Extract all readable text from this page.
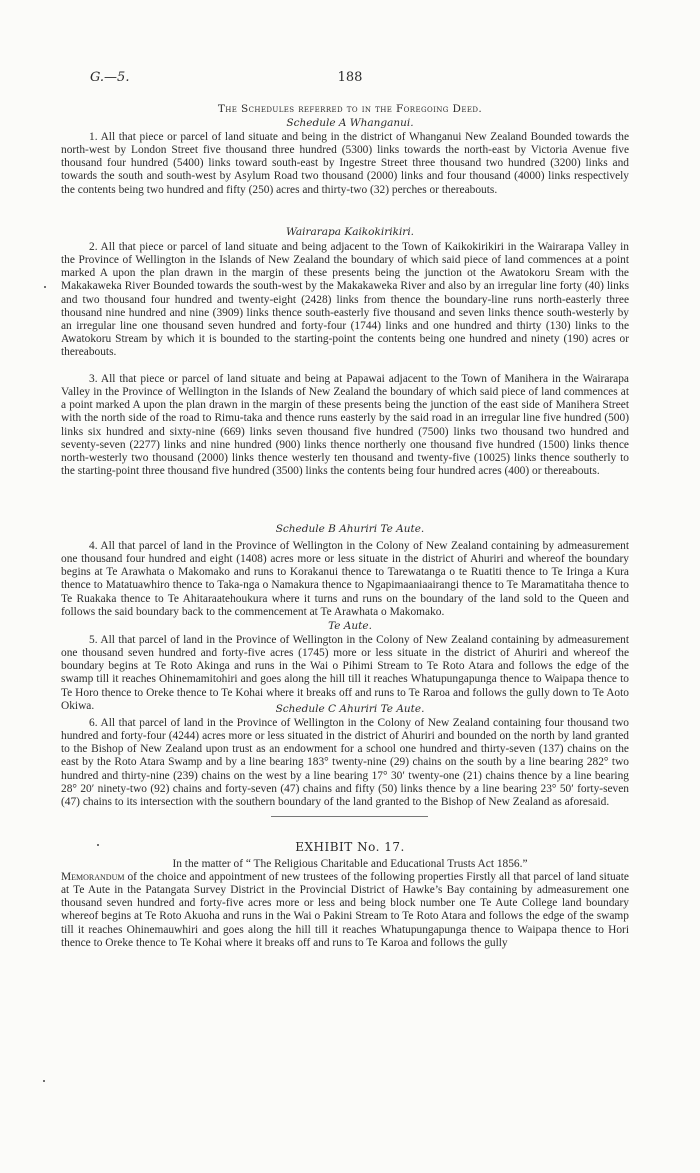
G.—5.	188
The Schedules referred to in the Foregoing Deed.
Schedule A Whanganui.
1. All that piece or parcel of land situate and being in the district of Whanganui New Zealand Bounded towards the north-west by London Street five thousand three hundred (5300) links towards the north-east by Victoria Avenue five thousand four hundred (5400) links toward south-east by Ingestre Street three thousand two hundred (3200) links and towards the south and south-west by Asylum Road two thousand (2000) links and four thousand (4000) links respectively the contents being two hundred and fifty (250) acres and thirty-two (32) perches or thereabouts.
Wairarapa Kaikokirikiri.
2. All that piece or parcel of land situate and being adjacent to the Town of Kaikokirikiri in the Wairarapa Valley in the Province of Wellington in the Islands of New Zealand the boundary of which said piece of land commences at a point marked A upon the plan drawn in the margin of these presents being the junction ot the Awatokoru Sream with the Makakaweka River Bounded towards the south-west by the Makakaweka River and also by an irregular line forty (40) links and two thousand four hundred and twenty-eight (2428) links from thence the boundary-line runs north-easterly three thousand nine hundred and nine (3909) links thence south-easterly five thousand and seven links thence south-westerly by an irregular line one thousand seven hundred and forty-four (1744) links and one hundred and thirty (130) links to the Awatokoru Stream by which it is bounded to the starting-point the contents being one hundred and ninety (190) acres or thereabouts.
3. All that piece or parcel of land situate and being at Papawai adjacent to the Town of Manihera in the Wairarapa Valley in the Province of Wellington in the Islands of New Zealand the boundary of which said piece of land commences at a point marked A upon the plan drawn in the margin of these presents being the junction of the east side of Manihera Street with the north side of the road to Rimu-taka and thence runs easterly by the said road in an irregular line five hundred (500) links six hundred and sixty-nine (669) links seven thousand five hundred (7500) links two thousand two hundred and seventy-seven (2277) links and nine hundred (900) links thence northerly one thousand five hundred (1500) links thence north-westerly two thousand (2000) links thence westerly ten thousand and twenty-five (10025) links thence southerly to the starting-point three thousand five hundred (3500) links the contents being four hundred acres (400) or thereabouts.
Schedule B Ahuriri Te Aute.
4. All that parcel of land in the Province of Wellington in the Colony of New Zealand containing by admeasurement one thousand four hundred and eight (1408) acres more or less situate in the district of Ahuriri and whereof the boundary begins at Te Arawhata o Makomako and runs to Korakanui thence to Tarewatanga o te Ruatiti thence to Te Iringa a Kura thence to Matatuawhiro thence to Taka-nga o Namakura thence to Ngapimaaniaairangi thence to Te Maramatitaha thence to Te Ruakaka thence to Te Ahitaraatehoukura where it turns and runs on the boundary of the land sold to the Queen and follows the said boundary back to the commencement at Te Arawhata o Makomako.
Te Aute.
5. All that parcel of land in the Province of Wellington in the Colony of New Zealand containing by admeasurement one thousand seven hundred and forty-five acres (1745) more or less situate in the district of Ahuriri and whereof the boundary begins at Te Roto Akinga and runs in the Wai o Pihimi Stream to Te Roto Atara and follows the edge of the swamp till it reaches Ohinemamitohiri and goes along the hill till it reaches Whatupungapunga thence to Waipapa thence to Te Horo thence to Oreke thence to Te Kohai where it breaks off and runs to Te Raroa and follows the gully down to Te Aoto Okiwa.	Schedule C Ahuriri Te Aute.
6. All that parcel of land in the Province of Wellington in the Colony of New Zealand containing four thousand two hundred and forty-four (4244) acres more or less situated in the district of Ahuriri and bounded on the north by land granted to the Bishop of New Zealand upon trust as an endowment for a school one hundred and thirty-seven (137) chains on the east by the Roto Atara Swamp and by a line bearing 183° twenty-nine (29) chains on the south by a line bearing 282° two hundred and thirty-nine (239) chains on the west by a line bearing 17° 30′ twenty-one (21) chains thence by a line bearing 28° 20′ ninety-two (92) chains and forty-seven (47) chains and fifty (50) links thence by a line bearing 23° 50′ forty-seven (47) chains to its intersection with the southern boundary of the land granted to the Bishop of New Zealand as aforesaid.
EXHIBIT No. 17.
In the matter of “ The Religious Charitable and Educational Trusts Act 1856.”
Memorandum of the choice and appointment of new trustees of the following properties Firstly all that parcel of land situate at Te Aute in the Patangata Survey District in the Provincial District of Hawke’s Bay containing by admeasurement one thousand seven hundred and forty-five acres more or less and being block number one Te Aute College land boundary whereof begins at Te Roto Akuoha and runs in the Wai o Pakini Stream to Te Roto Atara and follows the edge of the swamp till it reaches Ohinemauwhiri and goes along the hill till it reaches Whatupungapunga thence to Waipapa thence to Hori thence to Oreke thence to Te Kohai where it breaks off and runs to Te Karoa and follows the gully
